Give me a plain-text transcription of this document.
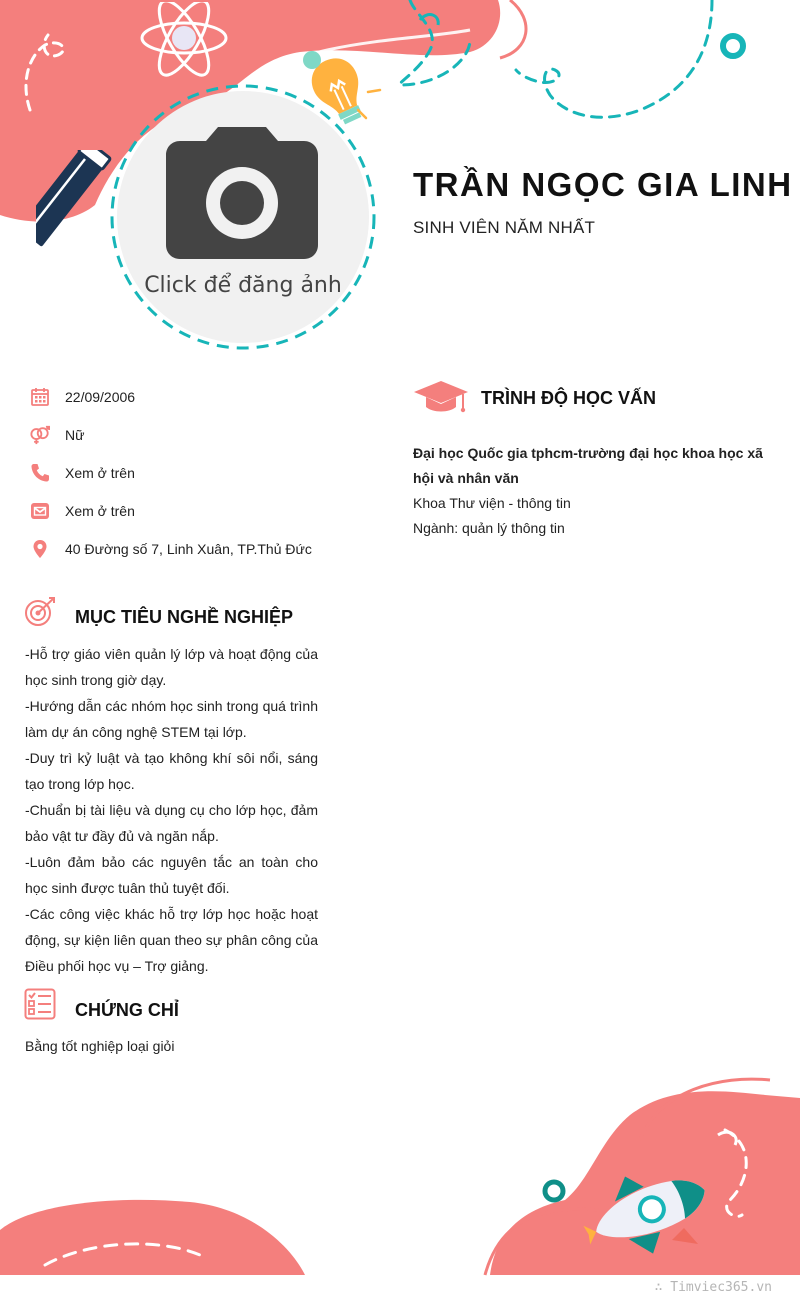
Click để đăng ảnh
TRẦN NGỌC GIA LINH
SINH VIÊN NĂM NHẤT
22/09/2006
Nữ
Xem ở trên
Xem ở trên
40 Đường số 7, Linh Xuân, TP.Thủ Đức
MỤC TIÊU NGHỀ NGHIỆP
-Hỗ trợ giáo viên quản lý lớp và hoạt động của học sinh trong giờ dạy.
-Hướng dẫn các nhóm học sinh trong quá trình làm dự án công nghệ STEM tại lớp.
-Duy trì kỷ luật và tạo không khí sôi nổi, sáng tạo trong lớp học.
-Chuẩn bị tài liệu và dụng cụ cho lớp học, đảm bảo vật tư đầy đủ và ngăn nắp.
-Luôn đảm bảo các nguyên tắc an toàn cho học sinh được tuân thủ tuyệt đối.
-Các công việc khác hỗ trợ lớp học hoặc hoạt động, sự kiện liên quan theo sự phân công của Điều phối học vụ – Trợ giảng.
CHỨNG CHỈ
Bằng tốt nghiệp loại giỏi
TRÌNH ĐỘ HỌC VẤN
Đại học Quốc gia tphcm-trường đại học khoa học xã hội và nhân văn
Khoa Thư viện - thông tin
Ngành: quản lý thông tin
∴ Timviec365.vn
